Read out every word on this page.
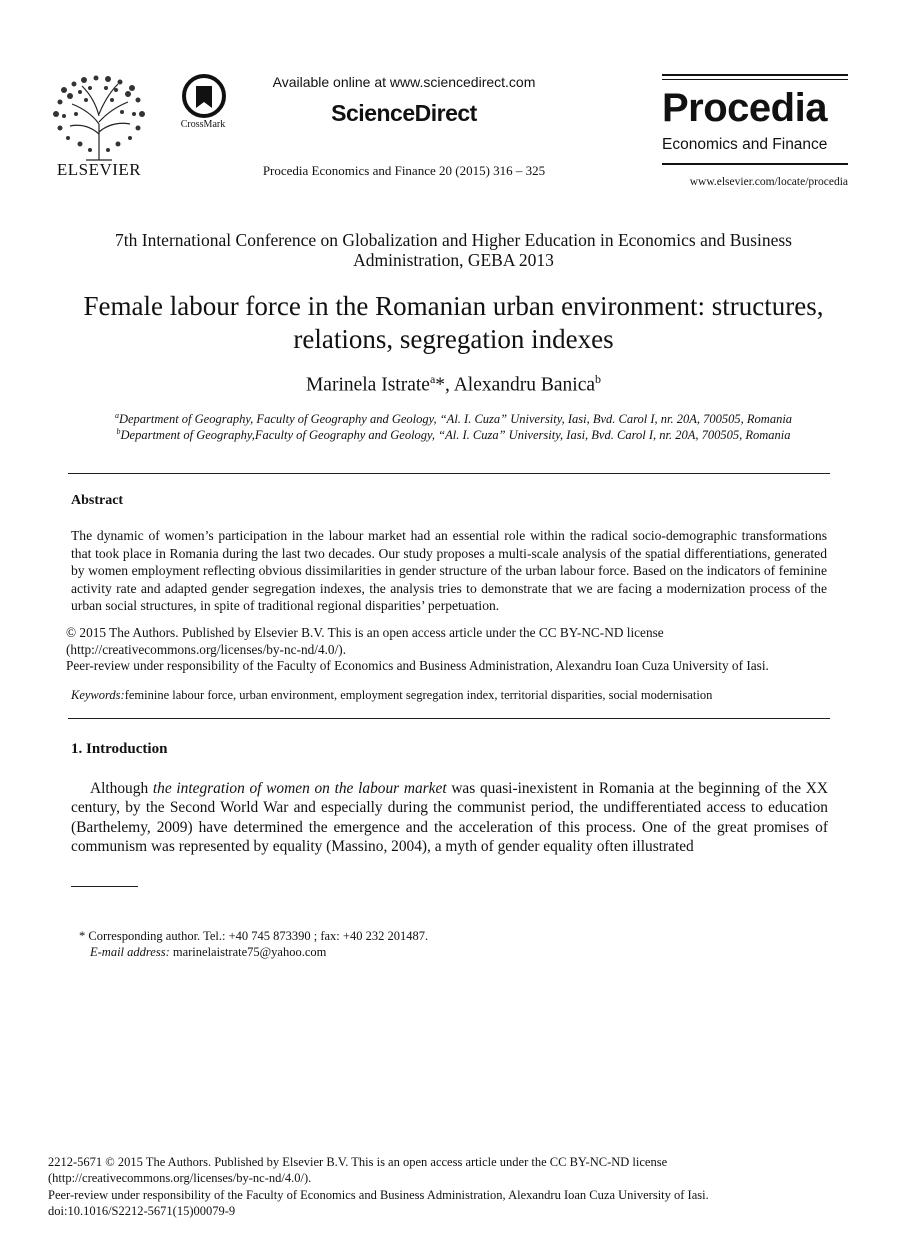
ELSEVIER
CrossMark
Available online at www.sciencedirect.com
ScienceDirect
Procedia Economics and Finance 20 (2015) 316 – 325
Procedia
Economics and Finance
www.elsevier.com/locate/procedia
7th International Conference on Globalization and Higher Education in Economics and Business Administration, GEBA 2013
Female labour force in the Romanian urban environment: structures,
relations, segregation indexes
Marinela Istrate$^a$*, Alexandru Banica$^b$
$^a$Department of Geography, Faculty of Geography and Geology, “Al. I. Cuza” University, Iasi, Bvd. Carol I, nr. 20A, 700505, Romania
$^b$Department of Geography,Faculty of Geography and Geology, “Al. I. Cuza” University, Iasi, Bvd. Carol I, nr. 20A, 700505, Romania
Abstract
The dynamic of women’s participation in the labour market had an essential role within the radical socio-demographic transformations that took place in Romania during the last two decades. Our study proposes a multi-scale analysis of the spatial differentiations, generated by women employment reflecting obvious dissimilarities in gender structure of the urban labour force. Based on the indicators of feminine activity rate and adapted gender segregation indexes, the analysis tries to demonstrate that we are facing a modernization process of the urban social structures, in spite of traditional regional disparities’ perpetuation.
© 2015 The Authors. Published by Elsevier B.V. This is an open access article under the CC BY-NC-ND license
(http://creativecommons.org/licenses/by-nc-nd/4.0/).
Peer-review under responsibility of the Faculty of Economics and Business Administration, Alexandru Ioan Cuza University of Iasi.
Keywords:feminine labour force, urban environment, employment segregation index, territorial disparities, social modernisation
1. Introduction
Although the integration of women on the labour market was quasi-inexistent in Romania at the beginning of the XX century, by the Second World War and especially during the communist period, the undifferentiated access to education (Barthelemy, 2009) have determined the emergence and the acceleration of this process. One of the great promises of communism was represented by equality (Massino, 2004), a myth of gender equality often illustrated
* Corresponding author. Tel.: +40 745 873390 ; fax: +40 232 201487.
E-mail address: marinelaistrate75@yahoo.com
2212-5671 © 2015 The Authors. Published by Elsevier B.V. This is an open access article under the CC BY-NC-ND license
(http://creativecommons.org/licenses/by-nc-nd/4.0/).
Peer-review under responsibility of the Faculty of Economics and Business Administration, Alexandru Ioan Cuza University of Iasi.
doi:10.1016/S2212-5671(15)00079-9
